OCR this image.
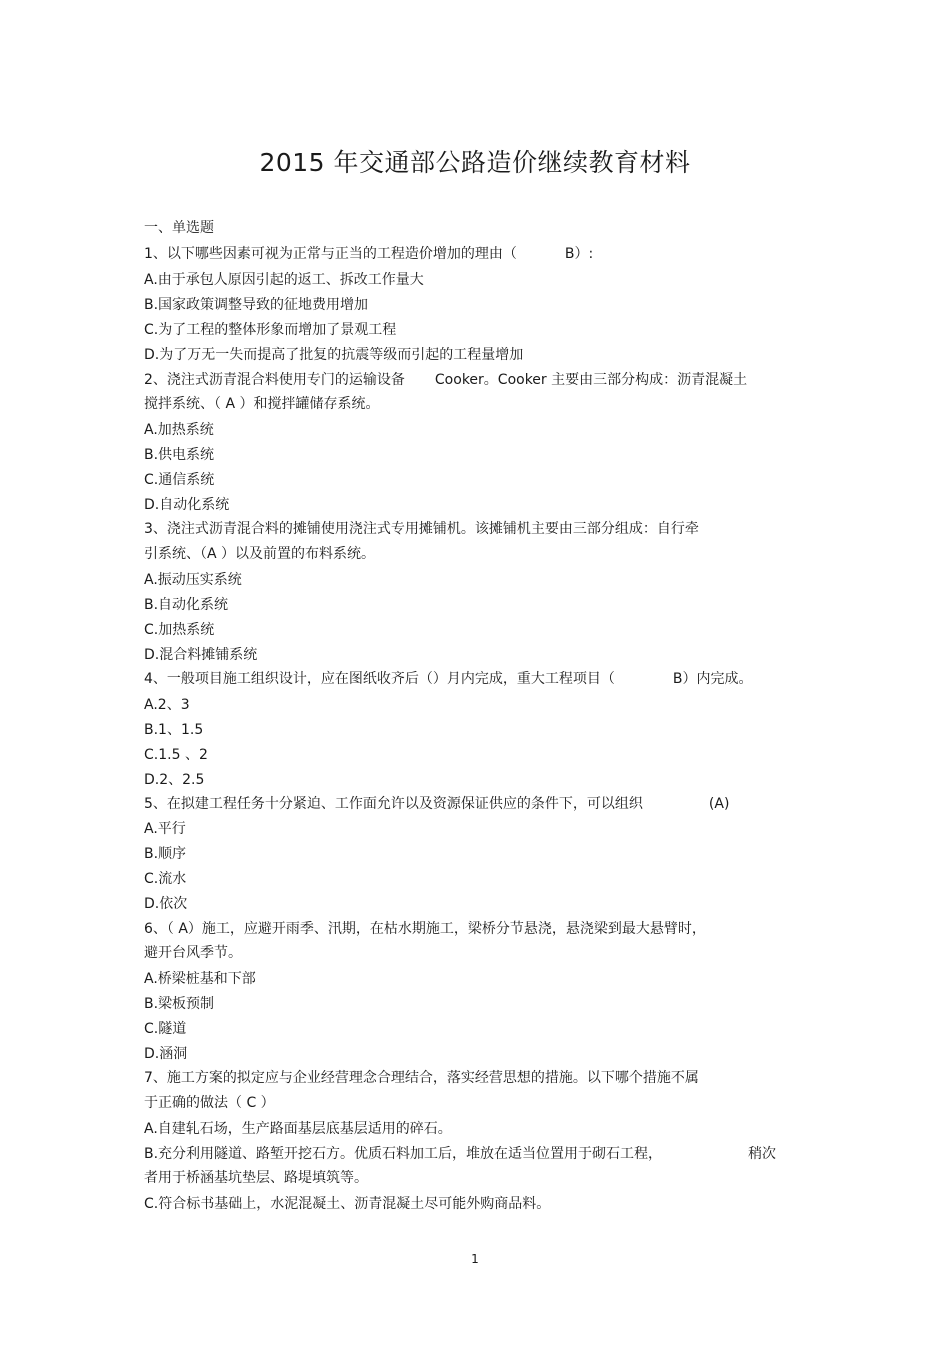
2015 年交通部公路造价继续教育材料
一、单选题
1、以下哪些因素可视为正常与正当的工程造价增加的理由（	B）:
A.由于承包人原因引起的返工、拆改工作量大
B.国家政策调整导致的征地费用增加
C.为了工程的整体形象而增加了景观工程
D.为了万无一失而提高了批复的抗震等级而引起的工程量增加
2、浇注式沥青混合料使用专门的运输设备 Cooker。Cooker 主要由三部分构成：沥青混凝土
搅拌系统、（ A ）和搅拌罐储存系统。
A.加热系统
B.供电系统
C.通信系统
D.自动化系统
3、浇注式沥青混合料的摊铺使用浇注式专用摊铺机。该摊铺机主要由三部分组成：自行牵
引系统、（A ）以及前置的布料系统。
A.振动压实系统
B.自动化系统
C.加热系统
D.混合料摊铺系统
4、一般项目施工组织设计，应在图纸收齐后（）月内完成，重大工程项目（	B）内完成。
A.2、3
B.1、1.5
C.1.5 、2
D.2、2.5
5、在拟建工程任务十分紧迫、工作面允许以及资源保证供应的条件下，可以组织	(A)
A.平行
B.顺序
C.流水
D.依次
6、（ A）施工，应避开雨季、汛期，在枯水期施工，梁桥分节悬浇，悬浇梁到最大悬臂时，
避开台风季节。
A.桥梁桩基和下部
B.梁板预制
C.隧道
D.涵洞
7、施工方案的拟定应与企业经营理念合理结合，落实经营思想的措施。以下哪个措施不属
于正确的做法（ C ）
A.自建轧石场，生产路面基层底基层适用的碎石。
B.充分利用隧道、路堑开挖石方。优质石料加工后，堆放在适当位置用于砌石工程，	稍次
者用于桥涵基坑垫层、路堤填筑等。
C.符合标书基础上，水泥混凝土、沥青混凝土尽可能外购商品料。
1
